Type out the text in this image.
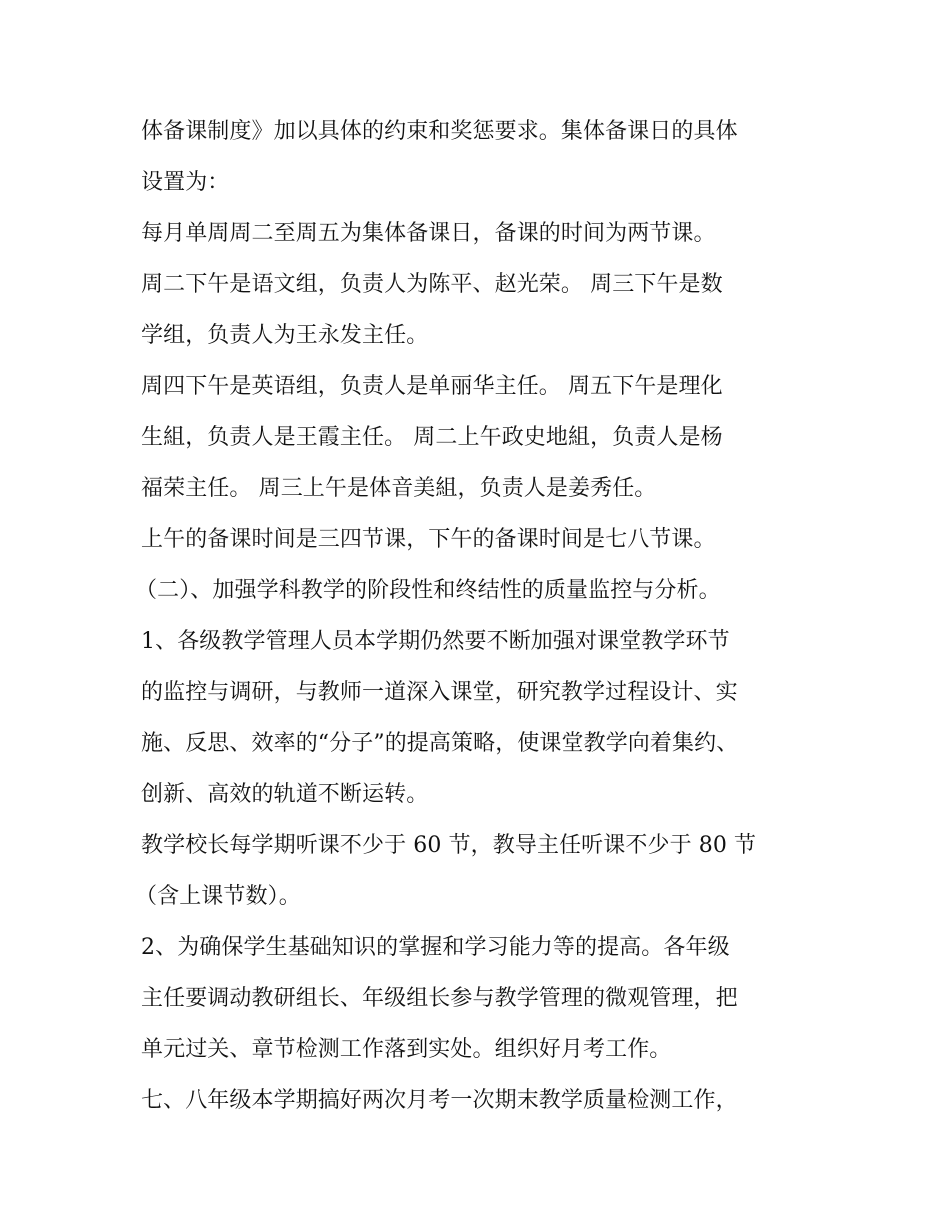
体备课制度》加以具体的约束和奖惩要求。集体备课日的具体
设置为：
每月单周周二至周五为集体备课日，备课的时间为两节课。
周二下午是语文组，负责人为陈平、赵光荣。 周三下午是数
学组，负责人为王永发主任。
周四下午是英语组，负责人是单丽华主任。 周五下午是理化
生組，负责人是王霞主任。 周二上午政史地組，负责人是杨
福荣主任。 周三上午是体音美組，负责人是姜秀任。
上午的备课时间是三四节课，下午的备课时间是七八节课。
（二）、加强学科教学的阶段性和终结性的质量监控与分析。
1、各级教学管理人员本学期仍然要不断加强对课堂教学环节
的监控与调研，与教师一道深入课堂，研究教学过程设计、实
施、反思、效率的“分子”的提高策略，使课堂教学向着集约、
创新、高效的轨道不断运转。
教学校长每学期听课不少于 60 节，教导主任听课不少于 80 节
（含上课节数）。
2、为确保学生基础知识的掌握和学习能力等的提高。各年级
主任要调动教研组长、年级组长参与教学管理的微观管理，把
单元过关、章节检测工作落到实处。组织好月考工作。
七、八年级本学期搞好两次月考一次期末教学质量检测工作，
